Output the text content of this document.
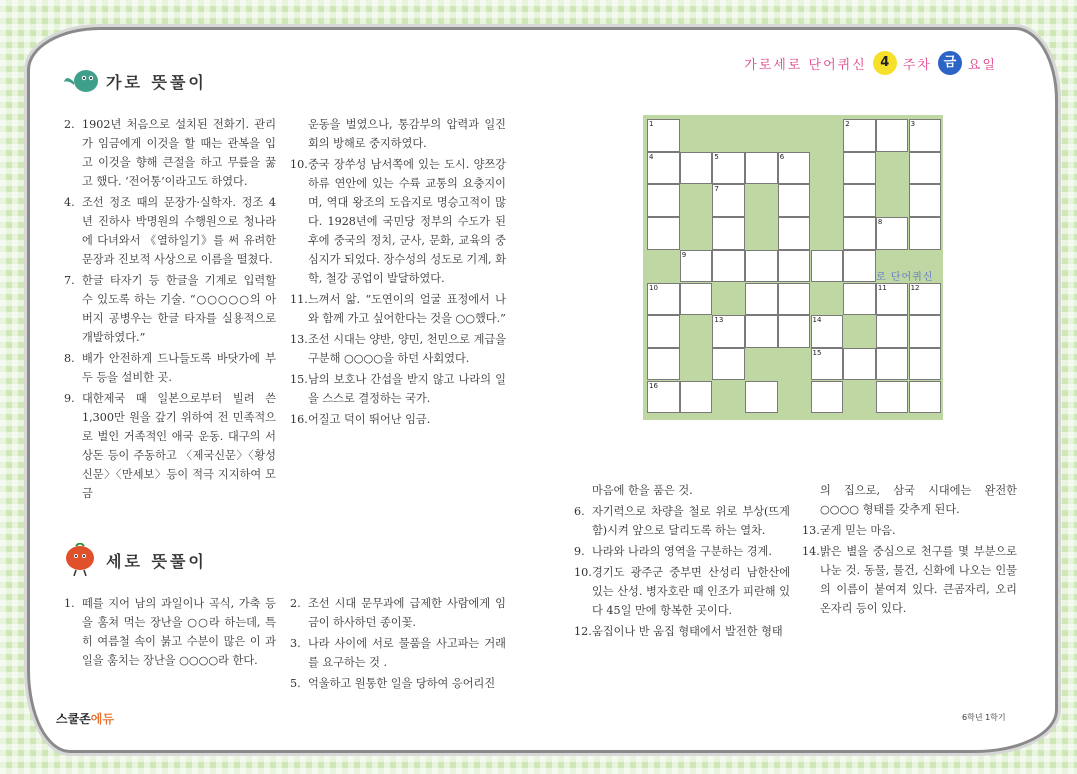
가로세로 단어퀴신	4	주차 금 요일
가로 뜻풀이
2. 1902년 처음으로 설치된 전화기. 관리가 임금에게 이것을 할 때는 관복을 입고 이것을 향해 큰절을 하고 무릎을 꿇고 했다. ‘전어통’이라고도 하였다.
4. 조선 정조 때의 문장가·실학자. 정조 4년 진하사 박명원의 수행원으로 청나라에 다녀와서 《열하일기》를 써 유려한 문장과 진보적 사상으로 이름을 떨쳤다.
7. 한글 타자기 등 한글을 기계로 입력할 수 있도록 하는 기술. “○○○○○의 아버지 공병우는 한글 타자를 실용적으로 개발하였다.”
8. 배가 안전하게 드나들도록 바닷가에 부두 등을 설비한 곳.
9. 대한제국 때 일본으로부터 빌려 쓴 1,300만 원을 갚기 위하여 전 민족적으로 벌인 거족적인 애국 운동. 대구의 서상돈 등이 주동하고 〈제국신문〉〈황성신문〉〈만세보〉등이 적극 지지하여 모금
운동을 벌였으나, 통감부의 압력과 일진회의 방해로 중지하였다.
10. 중국 장쑤성 남서쪽에 있는 도시. 양쯔강 하류 연안에 있는 수륙 교통의 요충지이며, 역대 왕조의 도읍지로 명승고적이 많다. 1928년에 국민당 정부의 수도가 된 후에 중국의 정치, 군사, 문화, 교육의 중심지가 되었다. 장수성의 성도로 기계, 화학, 철강 공업이 발달하였다.
11. 느껴서 앎. “도연이의 얼굴 표정에서 나와 함께 가고 싶어한다는 것을 ○○했다.”
13. 조선 시대는 양반, 양민, 천민으로 계급을 구분해 ○○○○을 하던 사회였다.
15. 남의 보호나 간섭을 받지 않고 나라의 일을 스스로 결정하는 국가.
16. 어질고 덕이 뛰어난 임금.
1	2	3
4	5	6
7
8
9
10	11	12
13	14
15
16
로 단어퀴신
세로 뜻풀이
1. 떼를 지어 남의 과일이나 곡식, 가축 등을 훔쳐 먹는 장난을 ○○라 하는데, 특히 여름철 속이 붉고 수분이 많은 이 과일을 훔치는 장난을 ○○○○라 한다.
2. 조선 시대 문무과에 급제한 사람에게 임금이 하사하던 종이꽃.
3. 나라 사이에 서로 물품을 사고파는 거래를 요구하는 것 .
5. 억울하고 원통한 일을 당하여 응어리진
마음에 한을 품은 것.
6. 자기력으로 차량을 철로 위로 부상(뜨게 함)시켜 앞으로 달리도록 하는 열차.
9. 나라와 나라의 영역을 구분하는 경계.
10. 경기도 광주군 중부면 산성리 남한산에 있는 산성. 병자호란 때 인조가 피란해 있다 45일 만에 항복한 곳이다.
12. 움집이나 반 움집 형태에서 발전한 형태
의 집으로, 삼국 시대에는 완전한 ○○○○ 형태를 갖추게 된다.
13. 굳게 믿는 마음.
14. 밝은 별을 중심으로 천구를 몇 부분으로 나눈 것. 동물, 물건, 신화에 나오는 인물의 이름이 붙여져 있다. 큰곰자리, 오리온자리 등이 있다.
스쿨존에듀	6학년 1학기
